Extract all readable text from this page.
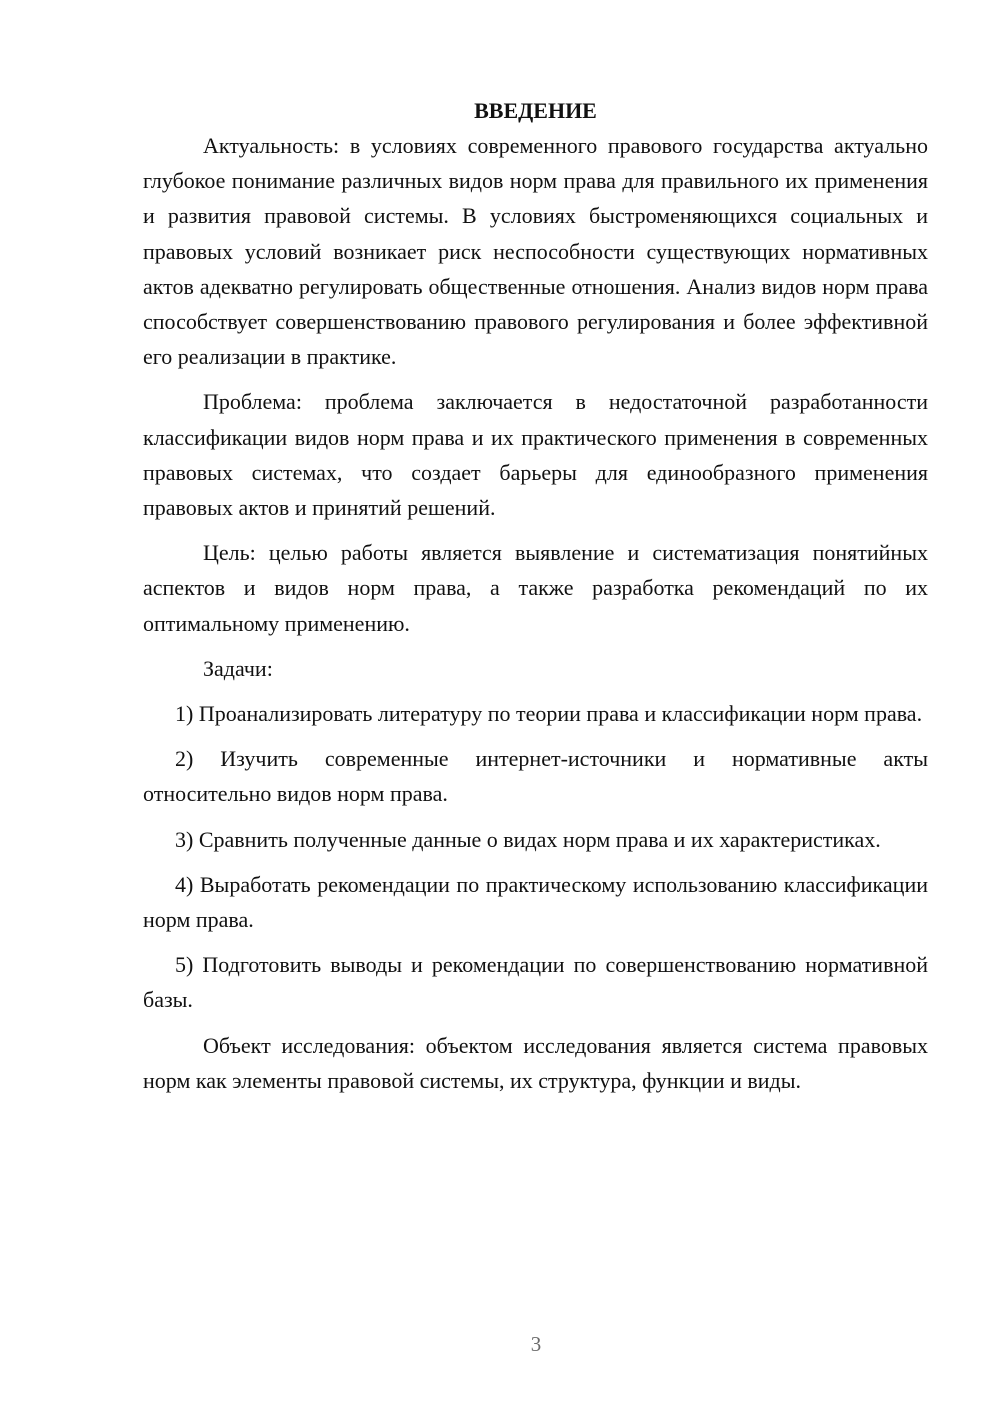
ВВЕДЕНИЕ

Актуальность: в условиях современного правового государства актуально глубокое понимание различных видов норм права для правильного их применения и развития правовой системы. В условиях быстроменяющихся социальных и правовых условий возникает риск неспособности существующих нормативных актов адекватно регулировать общественные отношения. Анализ видов норм права способствует совершенствованию правового регулирования и более эффективной его реализации в практике.

Проблема: проблема заключается в недостаточной разработанности классификации видов норм права и их практического применения в современных правовых системах, что создает барьеры для единообразного применения правовых актов и принятий решений.

Цель: целью работы является выявление и систематизация понятийных аспектов и видов норм права, а также разработка рекомендаций по их оптимальному применению.

Задачи:

1) Проанализировать литературу по теории права и классификации норм права.

2) Изучить современные интернет-источники и нормативные акты относительно видов норм права.

3) Сравнить полученные данные о видах норм права и их характеристиках.

4) Выработать рекомендации по практическому использованию классификации норм права.

5) Подготовить выводы и рекомендации по совершенствованию нормативной базы.

Объект исследования: объектом исследования является система правовых норм как элементы правовой системы, их структура, функции и виды.

3
